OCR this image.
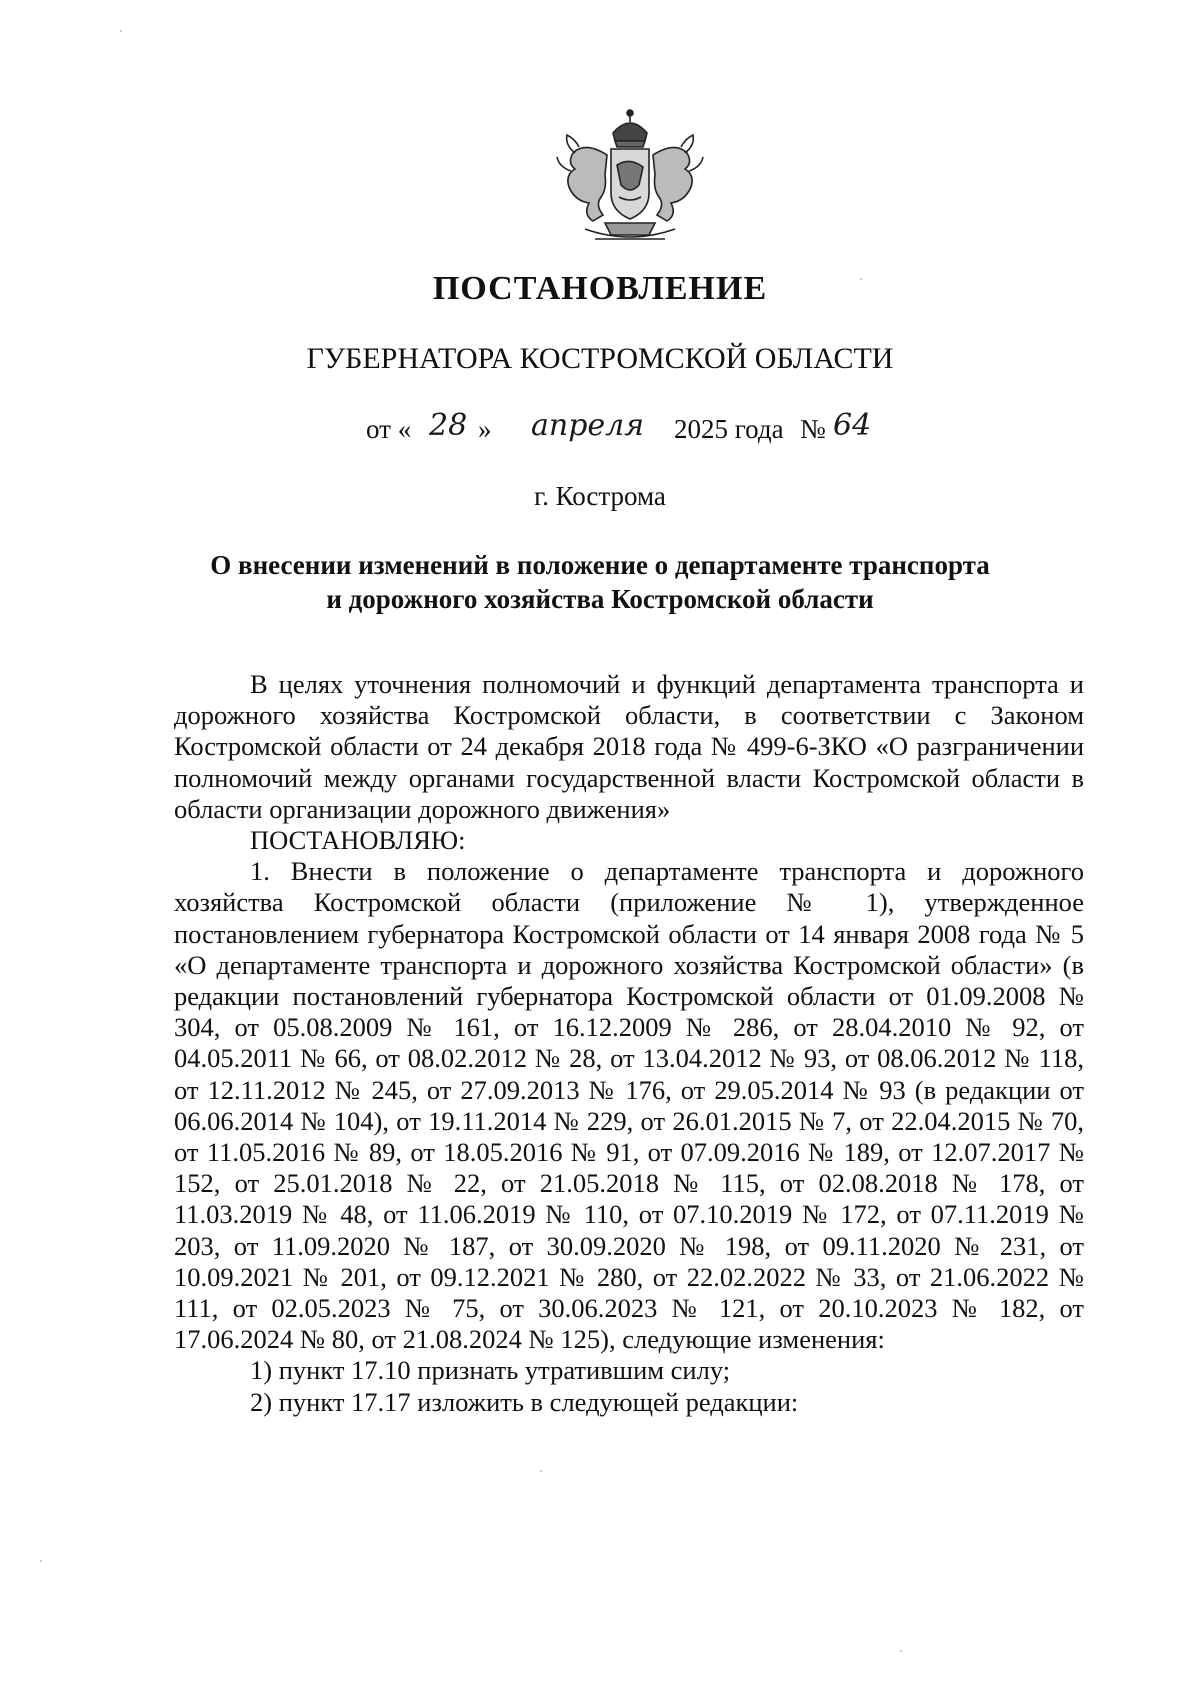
ПОСТАНОВЛЕНИЕ
ГУБЕРНАТОРА КОСТРОМСКОЙ ОБЛАСТИ
от « 28 » апреля 2025 года № 64
г. Кострома
О внесении изменений в положение о департаменте транспорта
и дорожного хозяйства Костромской области

В целях уточнения полномочий и функций департамента транспорта и дорожного хозяйства Костромской области, в соответствии с Законом Костромской области от 24 декабря 2018 года № 499-6-ЗКО «О разграничении полномочий между органами государственной власти Костромской области в области организации дорожного движения»

ПОСТАНОВЛЯЮ:

1. Внести в положение о департаменте транспорта и дорожного хозяйства Костромской области (приложение № 1), утвержденное постановлением губернатора Костромской области от 14 января 2008 года № 5 «О департаменте транспорта и дорожного хозяйства Костромской области» (в редакции постановлений губернатора Костромской области от 01.09.2008 № 304, от 05.08.2009 № 161, от 16.12.2009 № 286, от 28.04.2010 № 92, от 04.05.2011 № 66, от 08.02.2012 № 28, от 13.04.2012 № 93, от 08.06.2012 № 118, от 12.11.2012 № 245, от 27.09.2013 № 176, от 29.05.2014 № 93 (в редакции от 06.06.2014 № 104), от 19.11.2014 № 229, от 26.01.2015 № 7, от 22.04.2015 № 70, от 11.05.2016 № 89, от 18.05.2016 № 91, от 07.09.2016 № 189, от 12.07.2017 № 152, от 25.01.2018 № 22, от 21.05.2018 № 115, от 02.08.2018 № 178, от 11.03.2019 № 48, от 11.06.2019 № 110, от 07.10.2019 № 172, от 07.11.2019 № 203, от 11.09.2020 № 187, от 30.09.2020 № 198, от 09.11.2020 № 231, от 10.09.2021 № 201, от 09.12.2021 № 280, от 22.02.2022 № 33, от 21.06.2022 № 111, от 02.05.2023 № 75, от 30.06.2023 № 121, от 20.10.2023 № 182, от 17.06.2024 № 80, от 21.08.2024 № 125), следующие изменения:

1) пункт 17.10 признать утратившим силу;

2) пункт 17.17 изложить в следующей редакции:
